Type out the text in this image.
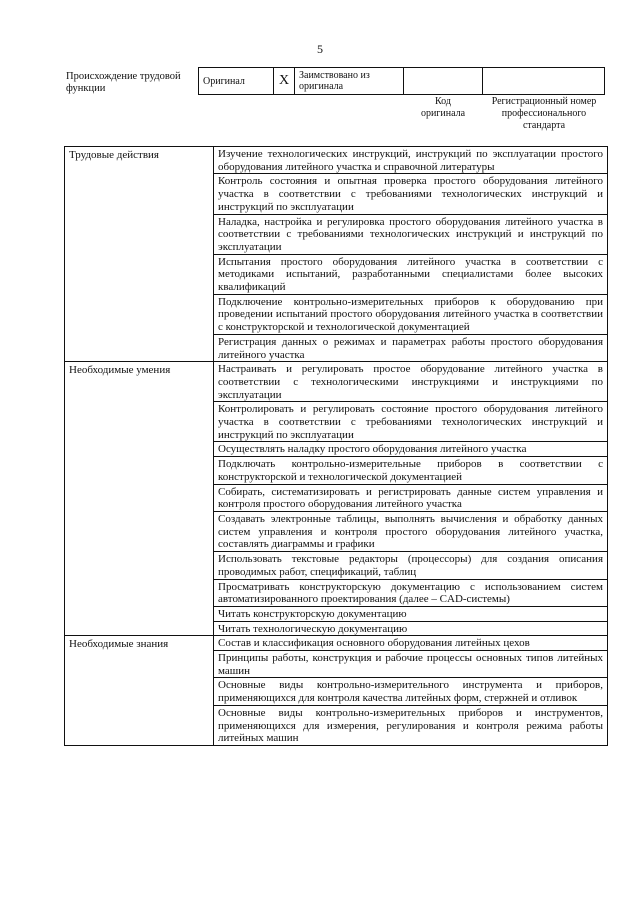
5
Происхождение трудовой функции
Оригинал	X	Заимствовано из оригинала		
Код оригинала
Регистрационный номер профессионального стандарта
Трудовые действия	Изучение технологических инструкций, инструкций по эксплуатации простого оборудования литейного участка и справочной литературы
	Контроль состояния и опытная проверка простого оборудования литейного участка в соответствии с требованиями технологических инструкций и инструкций по эксплуатации
	Наладка, настройка и регулировка простого оборудования литейного участка в соответствии с требованиями технологических инструкций и инструкций по эксплуатации
	Испытания простого оборудования литейного участка в соответствии с методиками испытаний, разработанными специалистами более высоких квалификаций
	Подключение контрольно-измерительных приборов к оборудованию при проведении испытаний простого оборудования литейного участка в соответствии с конструкторской и технологической документацией
	Регистрация данных о режимах и параметрах работы простого оборудования литейного участка
Необходимые умения	Настраивать и регулировать простое оборудование литейного участка в соответствии с технологическими инструкциями и инструкциями по эксплуатации
	Контролировать и регулировать состояние простого оборудования литейного участка в соответствии с требованиями технологических инструкций и инструкций по эксплуатации
	Осуществлять наладку простого оборудования литейного участка
	Подключать контрольно-измерительные приборов в соответствии с конструкторской и технологической документацией
	Собирать, систематизировать и регистрировать данные систем управления и контроля простого оборудования литейного участка
	Создавать электронные таблицы, выполнять вычисления и обработку данных систем управления и контроля простого оборудования литейного участка, составлять диаграммы и графики
	Использовать текстовые редакторы (процессоры) для создания описания проводимых работ, спецификаций, таблиц
	Просматривать конструкторскую документацию с использованием систем автоматизированного проектирования (далее – CAD-системы)
	Читать конструкторскую документацию
	Читать технологическую документацию
Необходимые знания	Состав и классификация основного оборудования литейных цехов
	Принципы работы, конструкция и рабочие процессы основных типов литейных машин
	Основные виды контрольно-измерительного инструмента и приборов, применяющихся для контроля качества литейных форм, стержней и отливок
	Основные виды контрольно-измерительных приборов и инструментов, применяющихся для измерения, регулирования и контроля режима работы литейных машин
